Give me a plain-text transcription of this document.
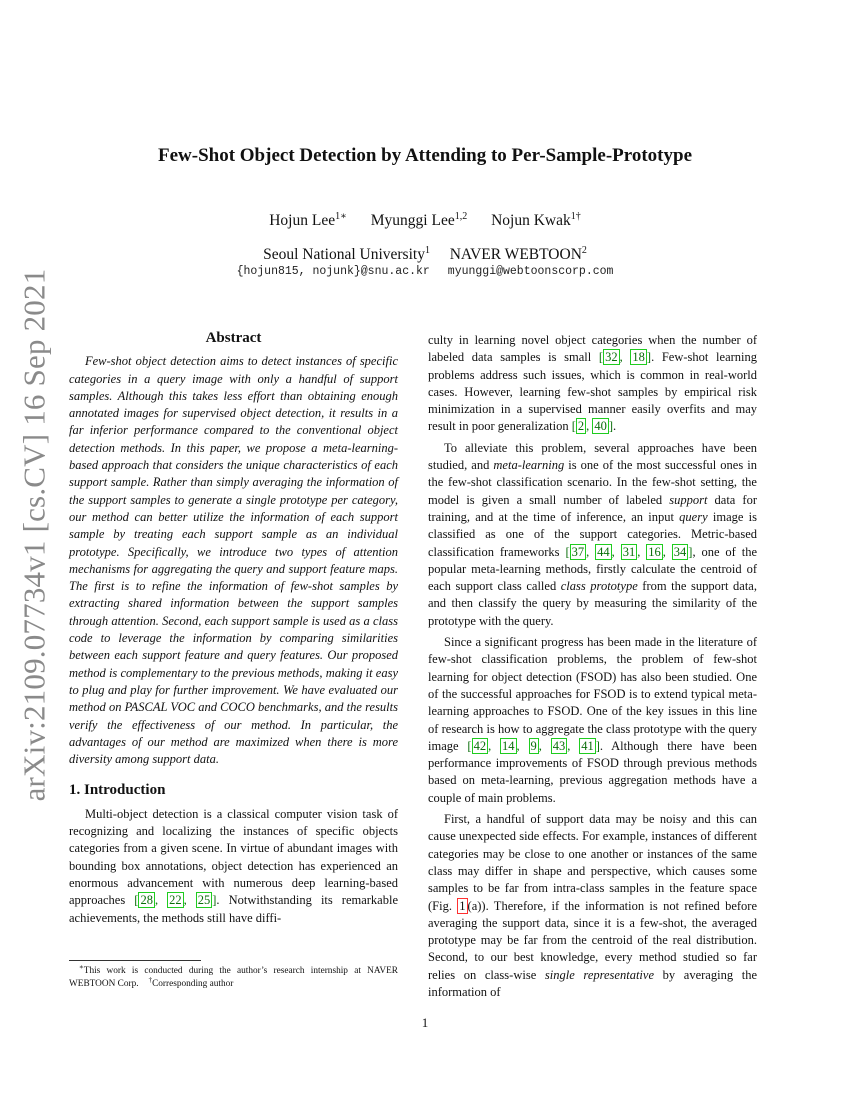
arXiv:2109.07734v1 [cs.CV] 16 Sep 2021
Few-Shot Object Detection by Attending to Per-Sample-Prototype
Hojun Lee$^{1∗}$ Myunggi Lee$^{1,2}$ Nojun Kwak$^{1\dagger}$
Seoul National University$^1$ NAVER WEBTOON$^2$
{hojun815, nojunk}@snu.ac.kr myunggi@webtoonscorp.com
Abstract

Few-shot object detection aims to detect instances of specific categories in a query image with only a handful of support samples. Although this takes less effort than obtaining enough annotated images for supervised object detection, it results in a far inferior performance compared to the conventional object detection methods. In this paper, we propose a meta-learning-based approach that considers the unique characteristics of each support sample. Rather than simply averaging the information of the support samples to generate a single prototype per category, our method can better utilize the information of each support sample by treating each support sample as an individual prototype. Specifically, we introduce two types of attention mechanisms for aggregating the query and support feature maps. The first is to refine the information of few-shot samples by extracting shared information between the support samples through attention. Second, each support sample is used as a class code to leverage the information by comparing similarities between each support feature and query features. Our proposed method is complementary to the previous methods, making it easy to plug and play for further improvement. We have evaluated our method on PASCAL VOC and COCO benchmarks, and the results verify the effectiveness of our method. In particular, the advantages of our method are maximized when there is more diversity among support data.

1. Introduction

Multi-object detection is a classical computer vision task of recognizing and localizing the instances of specific objects categories from a given scene. In virtue of abundant images with bounding box annotations, object detection has experienced an enormous advancement with numerous deep learning-based approaches [ 28 , 22 , 25 ]. Notwithstanding its remarkable achievements, the methods still have diffi-

culty in learning novel object categories when the number of labeled data samples is small [ 32 , 18 ]. Few-shot learning problems address such issues, which is common in real-world cases. However, learning few-shot samples by empirical risk minimization in a supervised manner easily overfits and may result in poor generalization [ 2 , 40 ].

To alleviate this problem, several approaches have been studied, and meta-learning is one of the most successful ones in the few-shot classification scenario. In the few-shot setting, the model is given a small number of labeled support data for training, and at the time of inference, an input query image is classified as one of the support categories. Metric-based classification frameworks [ 37 , 44 , 31 , 16 , 34 ], one of the popular meta-learning methods, firstly calculate the centroid of each support class called class prototype from the support data, and then classify the query by measuring the similarity of the prototype with the query.

Since a significant progress has been made in the literature of few-shot classification problems, the problem of few-shot learning for object detection (FSOD) has also been studied. One of the successful approaches for FSOD is to extend typical meta-learning approaches to FSOD. One of the key issues in this line of research is how to aggregate the class prototype with the query image [ 42 , 14 , 9 , 43 , 41 ]. Although there have been performance improvements of FSOD through previous methods based on meta-learning, previous aggregation methods have a couple of main problems.

First, a handful of support data may be noisy and this can cause unexpected side effects. For example, instances of different categories may be close to one another or instances of the same class may differ in shape and perspective, which causes some samples to be far from intra-class samples in the feature space (Fig. 1 (a)). Therefore, if the information is not refined before averaging the support data, since it is a few-shot, the averaged prototype may be far from the centroid of the real distribution. Second, to our best knowledge, every method studied so far relies on class-wise single representative by averaging the information of

∗This work is conducted during the author’s research internship at NAVER WEBTOON Corp. †Corresponding author
1
